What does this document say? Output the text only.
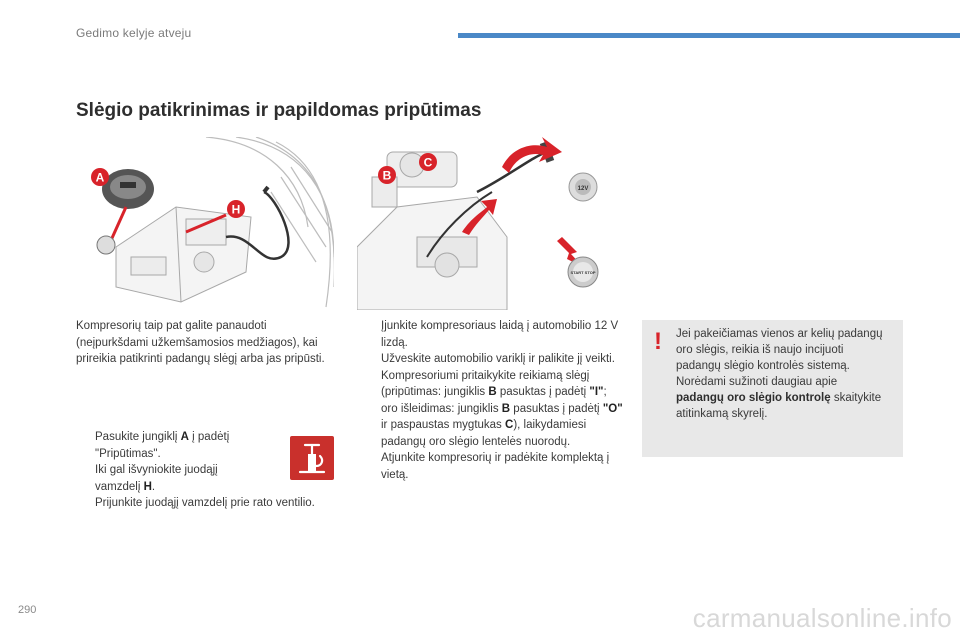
Gedimo kelyje atveju
Slėgio patikrinimas ir papildomas pripūtimas
A
H
12V
START STOP
B
C
Kompresorių taip pat galite panaudoti (neįpurkšdami užkemšamosios medžiagos), kai prireikia patikrinti padangų slėgį arba jas pripūsti.
Pasukite jungiklį A į padėtį "Pripūtimas".
Iki gal išvyniokite juodąjį vamzdelį H.
Prijunkite juodąjį vamzdelį prie rato ventilio.
Įjunkite kompresoriaus laidą į automobilio 12 V lizdą.
Užveskite automobilio variklį ir palikite jį veikti.
Kompresoriumi pritaikykite reikiamą slėgį (pripūtimas: jungiklis B pasuktas į padėtį "I"; oro išleidimas: jungiklis B pasuktas į padėtį "O" ir paspaustas mygtukas C), laikydamiesi padangų oro slėgio lentelės nuorodų.
Atjunkite kompresorių ir padėkite komplektą į vietą.
! Jei pakeičiamas vienos ar kelių padangų oro slėgis, reikia iš naujo incijuoti padangų slėgio kontrolės sistemą.
Norėdami sužinoti daugiau apie padangų oro slėgio kontrolę skaitykite atitinkamą skyrelį.
290	carmanualsonline.info
